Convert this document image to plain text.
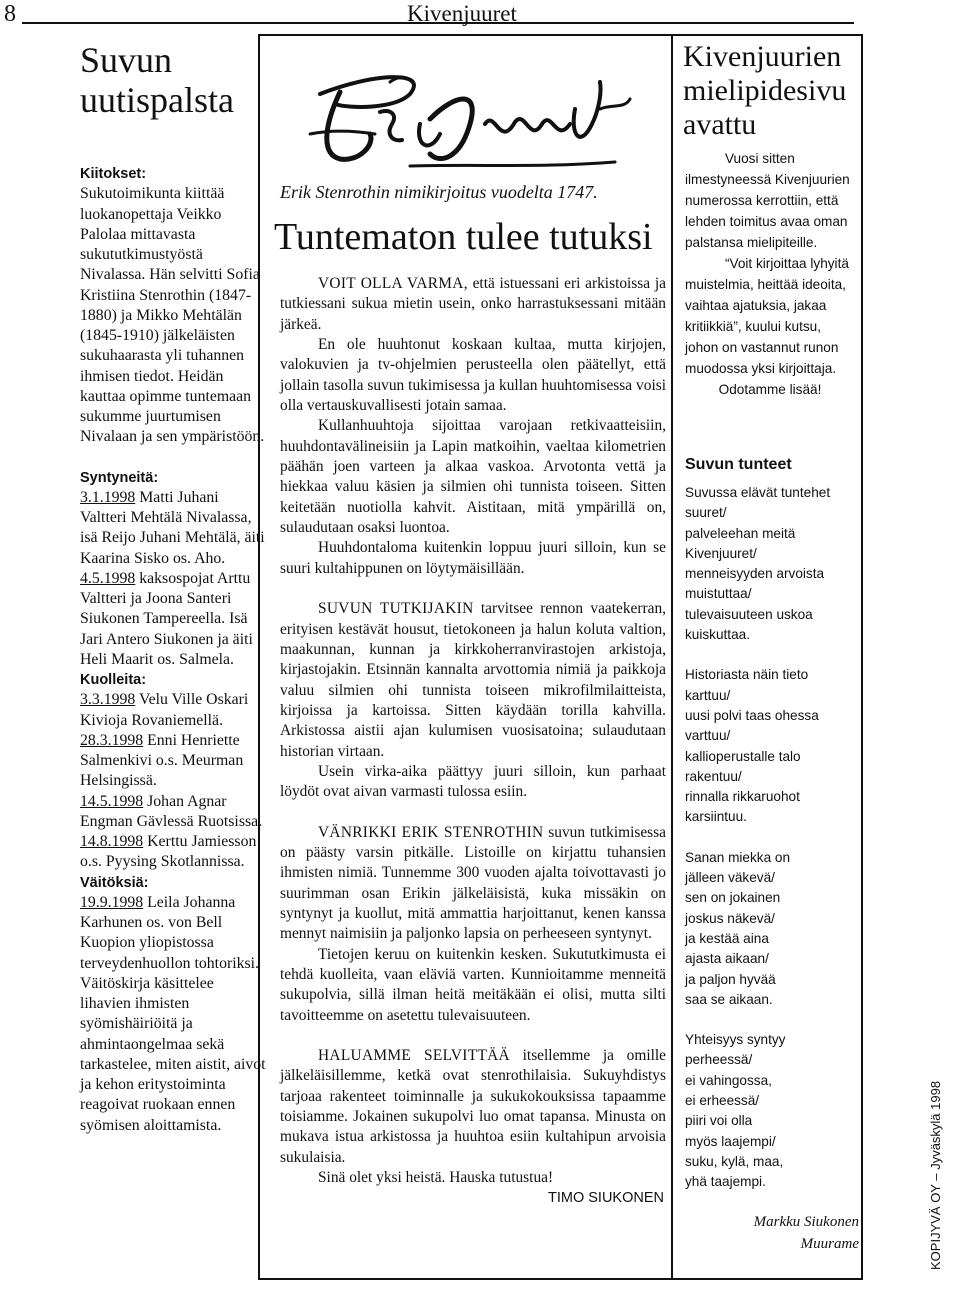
8	Kivenjuuret
Suvun
uutispalsta
Kiitokset:
Sukutoimikunta kiittää luokanopettaja Veikko Palolaa mittavasta sukututkimustyöstä Nivalassa. Hän selvitti Sofia Kristiina Stenrothin (1847-1880) ja Mikko Mehtälän (1845-1910) jälkeläisten sukuhaarasta yli tuhannen ihmisen tiedot. Heidän kauttaa opimme tuntemaan sukumme juurtumisen Nivalaan ja sen ympäristöön.
Syntyneitä:
3.1.1998 Matti Juhani Valtteri Mehtälä Nivalassa, isä Reijo Juhani Mehtälä, äiti Kaarina Sisko os. Aho.
4.5.1998 kaksospojat Arttu Valtteri ja Joona Santeri Siukonen Tampereella. Isä Jari Antero Siukonen ja äiti Heli Maarit os. Salmela.
Kuolleita:
3.3.1998 Velu Ville Oskari Kivioja Rovaniemellä.
28.3.1998 Enni Henriette Salmenkivi o.s. Meurman Helsingissä.
14.5.1998 Johan Agnar Engman Gävlessä Ruotsissa.
14.8.1998 Kerttu Jamiesson o.s. Pyysing Skotlannissa.
Väitöksiä:
19.9.1998 Leila Johanna Karhunen os. von Bell Kuopion yliopistossa terveydenhuollon tohtoriksi. Väitöskirja käsittelee lihavien ihmisten syömishäiriöitä ja ahmintaongelmaa sekä tarkastelee, miten aistit, aivot ja kehon eritystoiminta reagoivat ruokaan ennen syömisen aloittamista.
Erik Stenrothin nimikirjoitus vuodelta 1747.
Tuntematon tulee tutuksi

VOIT OLLA VARMA, että istuessani eri arkistoissa ja tutkiessani sukua mietin usein, onko harrastuksessani mitään järkeä.

En ole huuhtonut koskaan kultaa, mutta kirjojen, valokuvien ja tv-ohjelmien perusteella olen päätellyt, että jollain tasolla suvun tukimisessa ja kullan huuhtomisessa voisi olla vertauskuvallisesti jotain samaa.

Kullanhuuhtoja sijoittaa varojaan retkivaatteisiin, huuhdontavälineisiin ja Lapin matkoihin, vaeltaa kilometrien päähän joen varteen ja alkaa vaskoa. Arvotonta vettä ja hiekkaa valuu käsien ja silmien ohi tunnista toiseen. Sitten keitetään nuotiolla kahvit. Aistitaan, mitä ympärillä on, sulaudutaan osaksi luontoa.

Huuhdontaloma kuitenkin loppuu juuri silloin, kun se suuri kultahippunen on löytymäisillään.

SUVUN TUTKIJAKIN tarvitsee rennon vaatekerran, erityisen kestävät housut, tietokoneen ja halun koluta valtion, maakunnan, kunnan ja kirkkoherranvirastojen arkistoja, kirjastojakin. Etsinnän kannalta arvottomia nimiä ja paikkoja valuu silmien ohi tunnista toiseen mikrofilmilaitteista, kirjoissa ja kartoissa. Sitten käydään torilla kahvilla. Arkistossa aistii ajan kulumisen vuosisatoina; sulaudutaan historian virtaan.

Usein virka-aika päättyy juuri silloin, kun parhaat löydöt ovat aivan varmasti tulossa esiin.

VÄNRIKKI ERIK STENROTHIN suvun tutkimisessa on päästy varsin pitkälle. Listoille on kirjattu tuhansien ihmisten nimiä. Tunnemme 300 vuoden ajalta toivottavasti jo suurimman osan Erikin jälkeläisistä, kuka missäkin on syntynyt ja kuollut, mitä ammattia harjoittanut, kenen kanssa mennyt naimisiin ja paljonko lapsia on perheeseen syntynyt.

Tietojen keruu on kuitenkin kesken. Sukututkimusta ei tehdä kuolleita, vaan eläviä varten. Kunnioitamme menneitä sukupolvia, sillä ilman heitä meitäkään ei olisi, mutta silti tavoitteemme on asetettu tulevaisuuteen.

HALUAMME SELVITTÄÄ itsellemme ja omille jälkeläisillemme, ketkä ovat stenrothilaisia. Sukuyhdistys tarjoaa rakenteet toiminnalle ja sukukokouksissa tapaamme toisiamme. Jokainen sukupolvi luo omat tapansa. Minusta on mukava istua arkistossa ja huuhtoa esiin kultahipun arvoisia sukulaisia.

Sinä olet yksi heistä. Hauska tutustua!

TIMO SIUKONEN

Kivenjuurien mielipidesivu avattu

Vuosi sitten ilmestyneessä Kivenjuurien numerossa kerrottiin, että lehden toimitus avaa oman palstansa mielipiteille.

“Voit kirjoittaa lyhyitä muistelmia, heittää ideoita, vaihtaa ajatuksia, jakaa kritiikkiä”, kuului kutsu, johon on vastannut runon muodossa yksi kirjoittaja.

Odotamme lisää!

Suvun tunteet
Suvussa elävät tuntehet
suuret/
palveleehan meitä
Kivenjuuret/
menneisyyden arvoista
muistuttaa/
tulevaisuuteen uskoa
kuiskuttaa.
Historiasta näin tieto
karttuu/
uusi polvi taas ohessa
varttuu/
kallioperustalle talo
rakentuu/
rinnalla rikkaruohot
karsiintuu.
Sanan miekka on
jälleen väkevä/
sen on jokainen
joskus näkevä/
ja kestää aina
ajasta aikaan/
ja paljon hyvää
saa se aikaan.
Yhteisyys syntyy
perheessä/
ei vahingossa,
ei erheessä/
piiri voi olla
myös laajempi/
suku, kylä, maa,
yhä taajempi.
Markku Siukonen
Muurame	KOPIJYVÄ OY – Jyväskylä 1998
